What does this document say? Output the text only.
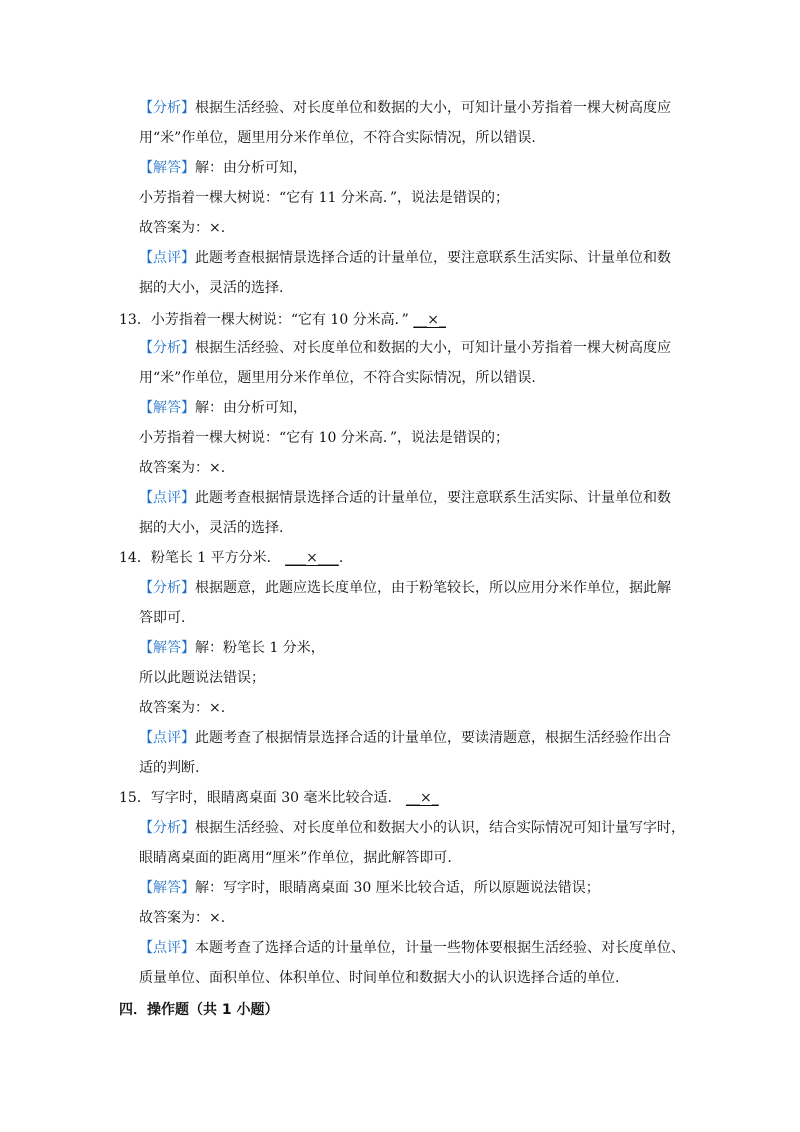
【分析】根据生活经验、对长度单位和数据的大小，可知计量小芳指着一棵大树高度应
用“米”作单位，题里用分米作单位，不符合实际情况，所以错误.
【解答】解：由分析可知，
小芳指着一棵大树说：“它有 11 分米高．”，说法是错误的；
故答案为：×.
【点评】此题考查根据情景选择合适的计量单位，要注意联系生活实际、计量单位和数
据的大小，灵活的选择.
13．小芳指着一棵大树说：“它有 10 分米高．” __×_
【分析】根据生活经验、对长度单位和数据的大小，可知计量小芳指着一棵大树高度应
用“米”作单位，题里用分米作单位，不符合实际情况，所以错误.
【解答】解：由分析可知，
小芳指着一棵大树说：“它有 10 分米高．”，说法是错误的；
故答案为：×.
【点评】此题考查根据情景选择合适的计量单位，要注意联系生活实际、计量单位和数
据的大小，灵活的选择.
14．粉笔长 1 平方分米． ___×___.
【分析】根据题意，此题应选长度单位，由于粉笔较长，所以应用分米作单位，据此解
答即可.
【解答】解：粉笔长 1 分米，
所以此题说法错误；
故答案为：×.
【点评】此题考查了根据情景选择合适的计量单位，要读清题意，根据生活经验作出合
适的判断.
15．写字时，眼睛离桌面 30 毫米比较合适． __×_
【分析】根据生活经验、对长度单位和数据大小的认识，结合实际情况可知计量写字时，
眼睛离桌面的距离用“厘米”作单位，据此解答即可.
【解答】解：写字时，眼睛离桌面 30 厘米比较合适，所以原题说法错误；
故答案为：×.
【点评】本题考查了选择合适的计量单位，计量一些物体要根据生活经验、对长度单位、
质量单位、面积单位、体积单位、时间单位和数据大小的认识选择合适的单位.
四．操作题（共 1 小题）
